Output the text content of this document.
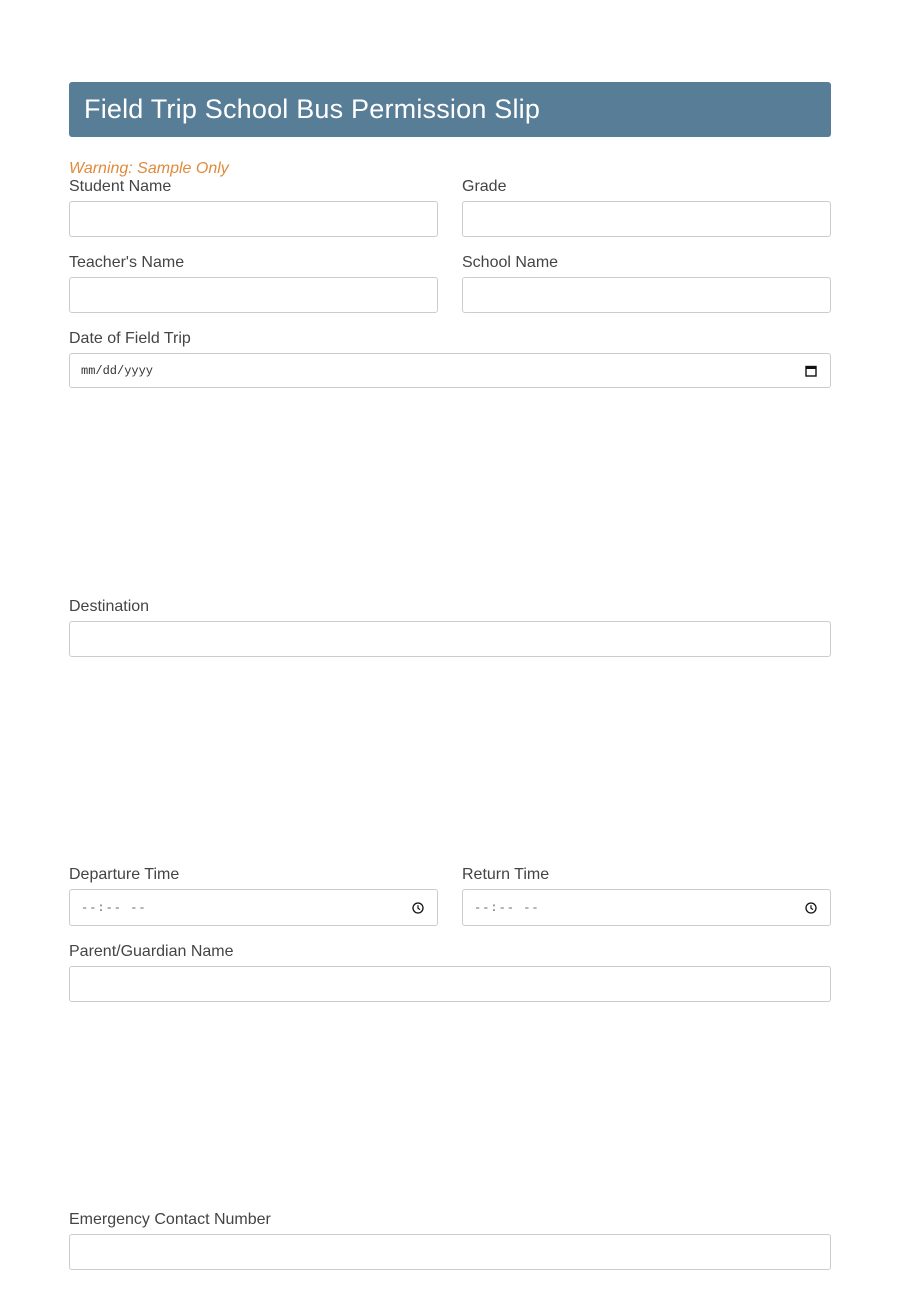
Field Trip School Bus Permission Slip
Warning: Sample Only
Student Name	Grade
Teacher's Name	School Name
Date of Field Trip
mm/dd/yyyy
Destination
Departure Time
--:-- --
Return Time
--:-- --
Parent/Guardian Name
Emergency Contact Number
